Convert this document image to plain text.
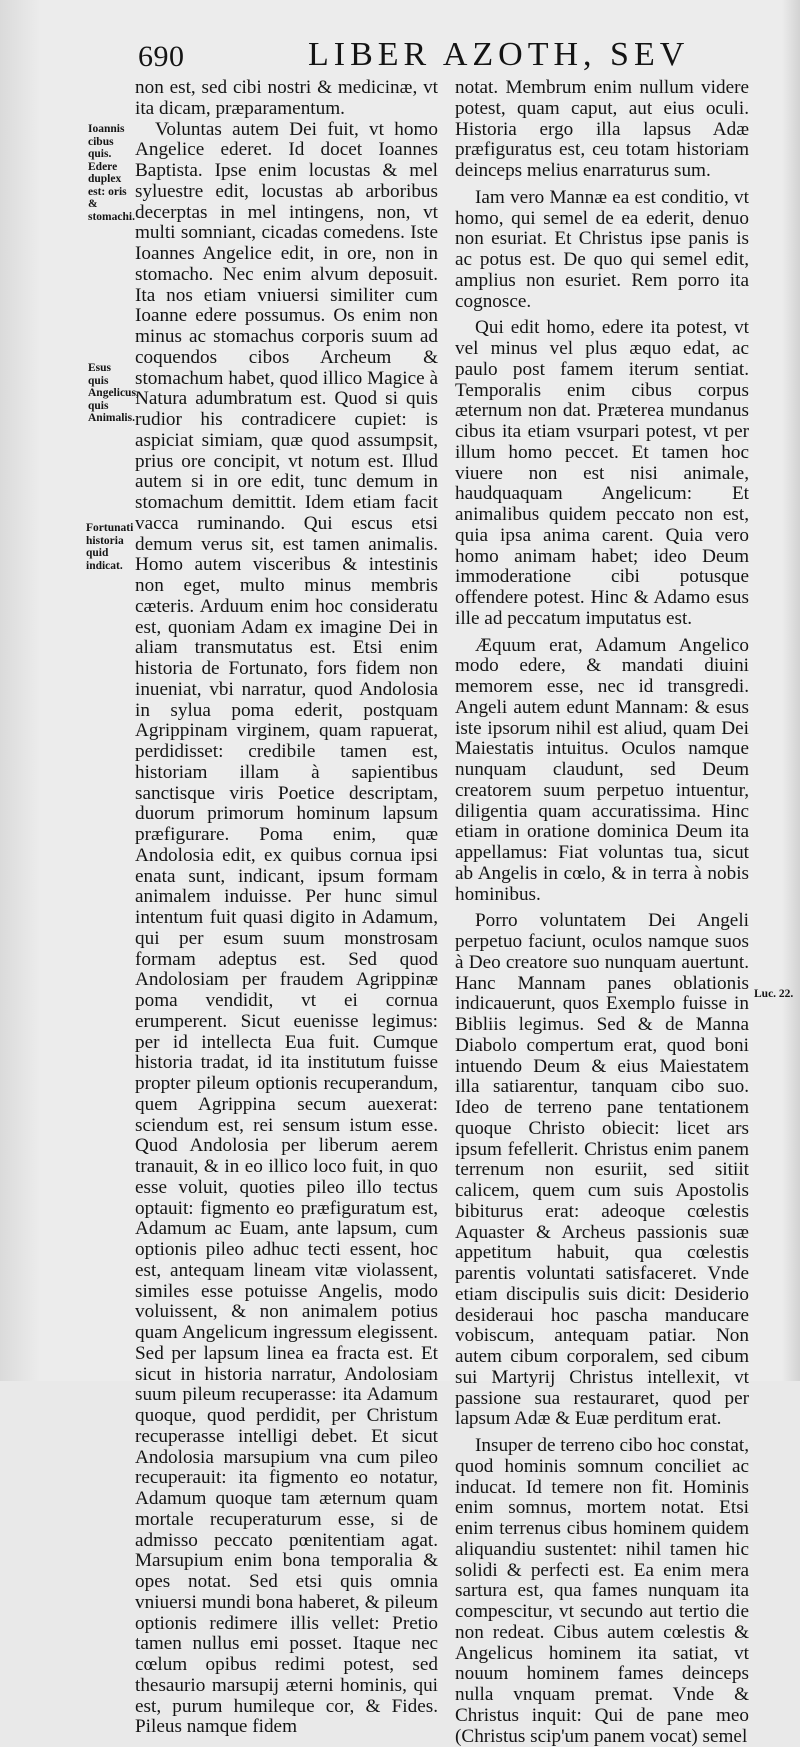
690	LIBER AZOTH, SEV
Ioannis cibus quis. Edere duplex est: oris & stomachi.
Esus quis Angelicus, quis Animalis.
Fortunati historia quid indicat.
Luc. 22.

non est, sed cibi nostri & medicinæ, vt ita dicam, præparamentum.

Voluntas autem Dei fuit, vt homo Angelice ederet. Id docet Ioannes Baptista. Ipse enim locustas & mel syluestre edit, locustas ab arboribus decerptas in mel intingens, non, vt multi somniant, cicadas comedens. Iste Ioannes Angelice edit, in ore, non in stomacho. Nec enim alvum deposuit. Ita nos etiam vniuersi similiter cum Ioanne edere possumus. Os enim non minus ac stomachus corporis suum ad coquendos cibos Archeum & stomachum habet, quod illico Magice à Natura adumbratum est. Quod si quis rudior his contradicere cupiet: is aspiciat simiam, quæ quod assumpsit, prius ore concipit, vt notum est. Illud autem si in ore edit, tunc demum in stomachum demittit. Idem etiam facit vacca ruminando. Qui escus etsi demum verus sit, est tamen animalis. Homo autem visceribus & intestinis non eget, multo minus membris cæteris. Arduum enim hoc consideratu est, quoniam Adam ex imagine Dei in aliam transmutatus est. Etsi enim historia de Fortunato, fors fidem non inueniat, vbi narratur, quod Andolosia in sylua poma ederit, postquam Agrippinam virginem, quam rapuerat, perdidisset: credibile tamen est, historiam illam à sapientibus sanctisque viris Poetice descriptam, duorum primorum hominum lapsum præfigurare. Poma enim, quæ Andolosia edit, ex quibus cornua ipsi enata sunt, indicant, ipsum formam animalem induisse. Per hunc simul intentum fuit quasi digito in Adamum, qui per esum suum monstrosam formam adeptus est. Sed quod Andolosiam per fraudem Agrippinæ poma vendidit, vt ei cornua erumperent. Sicut euenisse legimus: per id intellecta Eua fuit. Cumque historia tradat, id ita institutum fuisse propter pileum optionis recuperandum, quem Agrippina secum auexerat: sciendum est, rei sensum istum esse. Quod Andolosia per liberum aerem tranauit, & in eo illico loco fuit, in quo esse voluit, quoties pileo illo tectus optauit: figmento eo præfiguratum est, Adamum ac Euam, ante lapsum, cum optionis pileo adhuc tecti essent, hoc est, antequam lineam vitæ violassent, similes esse potuisse Angelis, modo voluissent, & non animalem potius quam Angelicum ingressum elegissent. Sed per lapsum linea ea fracta est. Et sicut in historia narratur, Andolosiam suum pileum recuperasse: ita Adamum quoque, quod perdidit, per Christum recuperasse intelligi debet. Et sicut Andolosia marsupium vna cum pileo recuperauit: ita figmento eo notatur, Adamum quoque tam æternum quam mortale recuperaturum esse, si de admisso peccato pœnitentiam agat. Marsupium enim bona temporalia & opes notat. Sed etsi quis omnia vniuersi mundi bona haberet, & pileum optionis redimere illis vellet: Pretio tamen nullus emi posset. Itaque nec cœlum opibus redimi potest, sed thesaurio marsupij æterni hominis, qui est, purum humileque cor, & Fides. Pileus namque fidem

notat. Membrum enim nullum videre potest, quam caput, aut eius oculi. Historia ergo illa lapsus Adæ præfiguratus est, ceu totam historiam deinceps melius enarraturus sum.

Iam vero Mannæ ea est conditio, vt homo, qui semel de ea ederit, denuo non esuriat. Et Christus ipse panis is ac potus est. De quo qui semel edit, amplius non esuriet. Rem porro ita cognosce.

Qui edit homo, edere ita potest, vt vel minus vel plus æquo edat, ac paulo post famem iterum sentiat. Temporalis enim cibus corpus æternum non dat. Præterea mundanus cibus ita etiam vsurpari potest, vt per illum homo peccet. Et tamen hoc viuere non est nisi animale, haudquaquam Angelicum: Et animalibus quidem peccato non est, quia ipsa anima carent. Quia vero homo animam habet; ideo Deum immoderatione cibi potusque offendere potest. Hinc & Adamo esus ille ad peccatum imputatus est.

Æquum erat, Adamum Angelico modo edere, & mandati diuini memorem esse, nec id transgredi. Angeli autem edunt Mannam: & esus iste ipsorum nihil est aliud, quam Dei Maiestatis intuitus. Oculos namque nunquam claudunt, sed Deum creatorem suum perpetuo intuentur, diligentia quam accuratissima. Hinc etiam in oratione dominica Deum ita appellamus: Fiat voluntas tua, sicut ab Angelis in cœlo, & in terra à nobis hominibus.

Porro voluntatem Dei Angeli perpetuo faciunt, oculos namque suos à Deo creatore suo nunquam auertunt. Hanc Mannam panes oblationis indicauerunt, quos Exemplo fuisse in Bibliis legimus. Sed & de Manna Diabolo compertum erat, quod boni intuendo Deum & eius Maiestatem illa satiarentur, tanquam cibo suo. Ideo de terreno pane tentationem quoque Christo obiecit: licet ars ipsum fefellerit. Christus enim panem terrenum non esuriit, sed sitiit calicem, quem cum suis Apostolis bibiturus erat: adeoque cœlestis Aquaster & Archeus passionis suæ appetitum habuit, qua cœlestis parentis voluntati satisfaceret. Vnde etiam discipulis suis dicit: Desiderio desideraui hoc pascha manducare vobiscum, antequam patiar. Non autem cibum corporalem, sed cibum sui Martyrij Christus intellexit, vt passione sua restauraret, quod per lapsum Adæ & Euæ perditum erat.

Insuper de terreno cibo hoc constat, quod hominis somnum conciliet ac inducat. Id temere non fit. Hominis enim somnus, mortem notat. Etsi enim terrenus cibus hominem quidem aliquandiu sustentet: nihil tamen hic solidi & perfecti est. Ea enim mera sartura est, qua fames nunquam ita compescitur, vt secundo aut tertio die non redeat. Cibus autem cœlestis & Angelicus hominem ita satiat, vt nouum hominem fames deinceps nulla vnquam premat. Vnde & Christus inquit: Qui de pane meo (Christus scip'um panem vocat) semel
